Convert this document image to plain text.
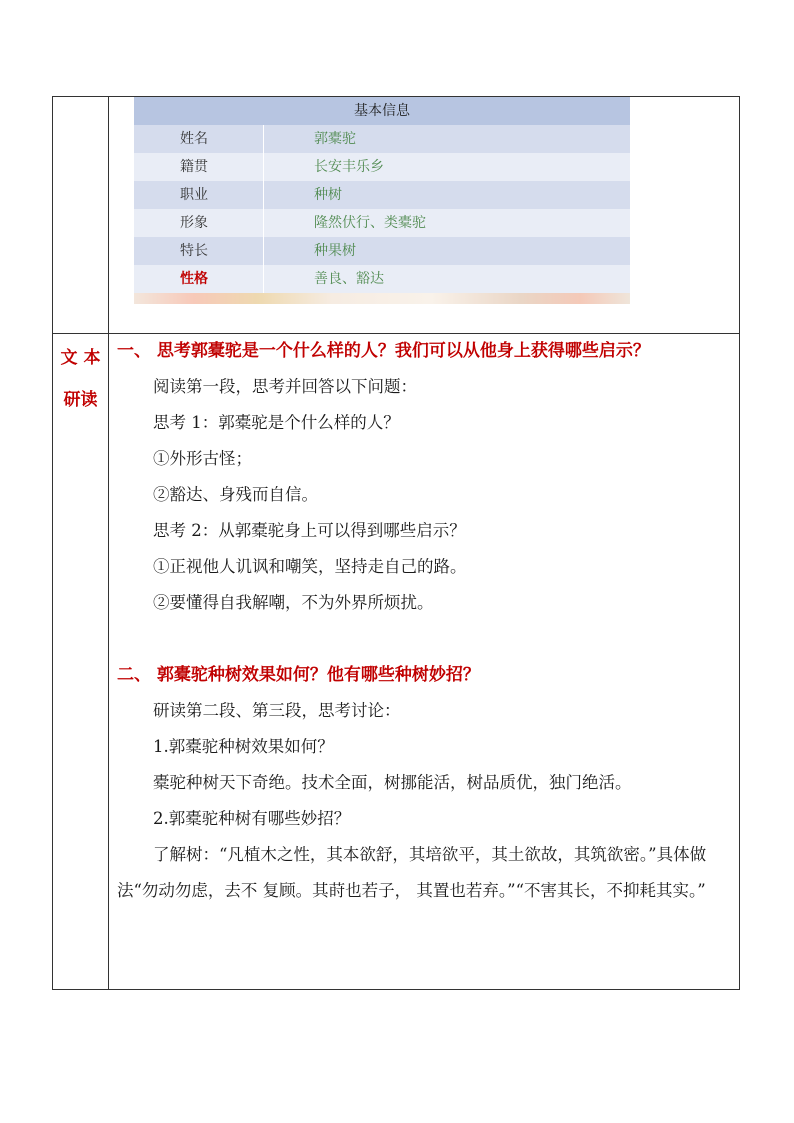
基本信息
姓名	郭橐驼
籍贯	长安丰乐乡
职业	种树
形象	隆然伏行、类橐驼
特长	种果树
性格	善良、豁达
文 本
研读
一、 思考郭橐驼是一个什么样的人？我们可以从他身上获得哪些启示？
阅读第一段，思考并回答以下问题：
思考 1：郭橐驼是个什么样的人？
①外形古怪；
②豁达、身残而自信。
思考 2：从郭橐驼身上可以得到哪些启示？
①正视他人讥讽和嘲笑，坚持走自己的路。
②要懂得自我解嘲，不为外界所烦扰。
二、 郭橐驼种树效果如何？他有哪些种树妙招？
研读第二段、第三段，思考讨论：
1.郭橐驼种树效果如何？
橐驼种树天下奇绝。技术全面，树挪能活，树品质优，独门绝活。
2.郭橐驼种树有哪些妙招？
了解树：“凡植木之性，其本欲舒，其培欲平，其土欲故，其筑欲密。”具体做法“勿动勿虑，去不 复顾。其莳也若子， 其置也若弃。”“不害其长，不抑耗其实。”
